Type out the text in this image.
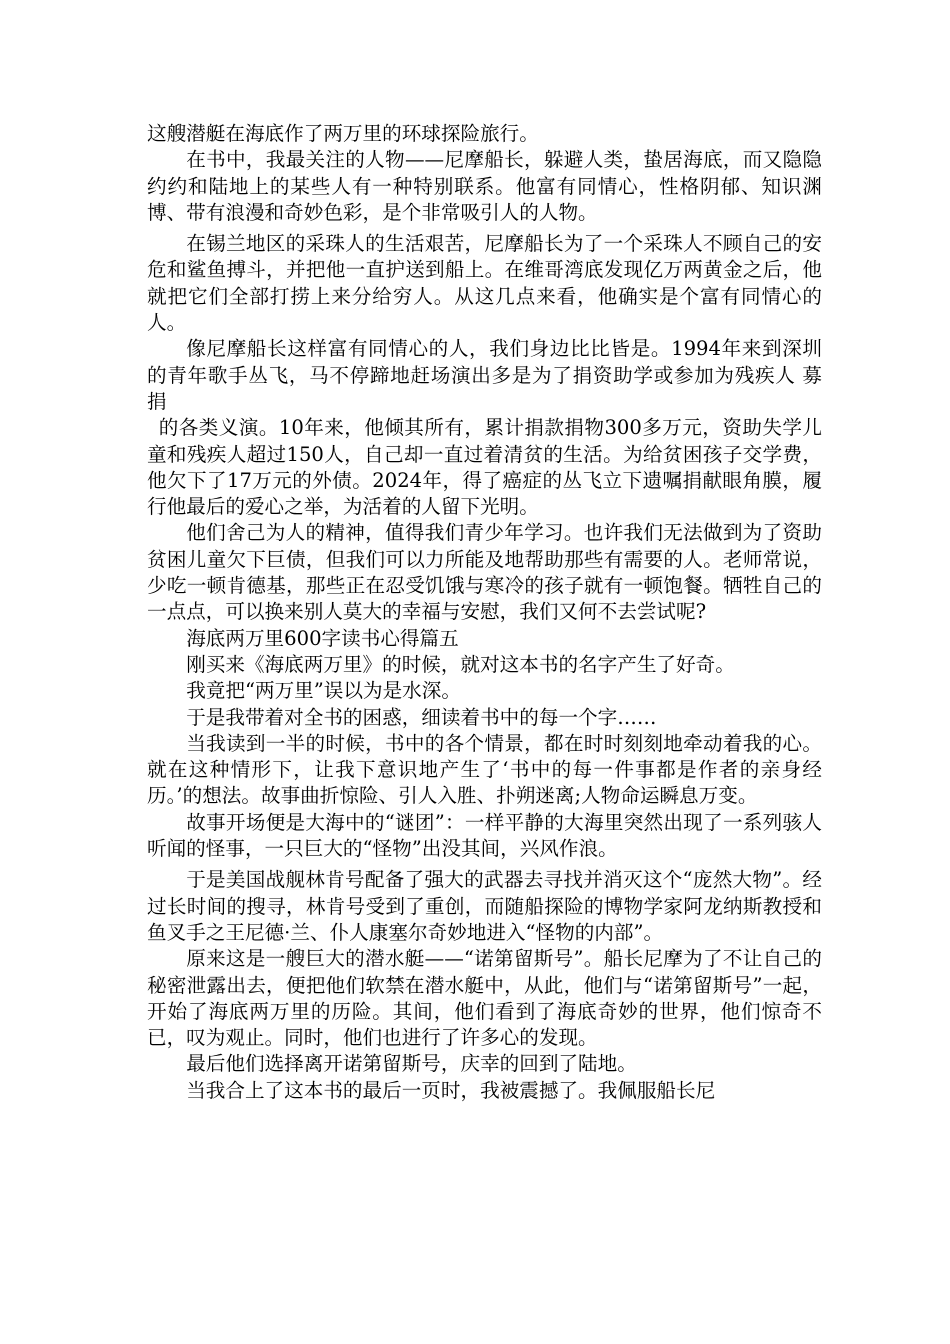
这艘潜艇在海底作了两万里的环球探险旅行。

在书中，我最关注的人物——尼摩船长，躲避人类，蛰居海底，而又隐隐约约和陆地上的某些人有一种特别联系。他富有同情心，性格阴郁、知识渊博、带有浪漫和奇妙色彩，是个非常吸引人的人物。

在锡兰地区的采珠人的生活艰苦，尼摩船长为了一个采珠人不顾自己的安危和鲨鱼搏斗，并把他一直护送到船上。在维哥湾底发现亿万两黄金之后，他就把它们全部打捞上来分给穷人。从这几点来看，他确实是个富有同情心的人。

像尼摩船长这样富有同情心的人，我们身边比比皆是。1994年来到深圳的青年歌手丛飞，马不停蹄地赶场演出多是为了捐资助学或参加为残疾人 募 捐

的各类义演。10年来，他倾其所有，累计捐款捐物300多万元，资助失学儿童和残疾人超过150人，自己却一直过着清贫的生活。为给贫困孩子交学费，他欠下了17万元的外债。2024年，得了癌症的丛飞立下遗嘱捐献眼角膜，履行他最后的爱心之举，为活着的人留下光明。

他们舍己为人的精神，值得我们青少年学习。也许我们无法做到为了资助贫困儿童欠下巨债，但我们可以力所能及地帮助那些有需要的人。老师常说，少吃一顿肯德基，那些正在忍受饥饿与寒冷的孩子就有一顿饱餐。牺牲自己的一点点，可以换来别人莫大的幸福与安慰，我们又何不去尝试呢?

海底两万里600字读书心得篇五

刚买来《海底两万里》的时候，就对这本书的名字产生了好奇。

我竟把“两万里”误以为是水深。

于是我带着对全书的困惑，细读着书中的每一个字……

当我读到一半的时候，书中的各个情景，都在时时刻刻地牵动着我的心。就在这种情形下，让我下意识地产生了‘书中的每一件事都是作者的亲身经历。’的想法。故事曲折惊险、引人入胜、扑朔迷离;人物命运瞬息万变。

故事开场便是大海中的“谜团”：一样平静的大海里突然出现了一系列骇人听闻的怪事，一只巨大的“怪物”出没其间，兴风作浪。

于是美国战舰林肯号配备了强大的武器去寻找并消灭这个“庞然大物”。经过长时间的搜寻，林肯号受到了重创，而随船探险的博物学家阿龙纳斯教授和鱼叉手之王尼德·兰、仆人康塞尔奇妙地进入“怪物的内部”。

原来这是一艘巨大的潜水艇——“诺第留斯号”。船长尼摩为了不让自己的秘密泄露出去，便把他们软禁在潜水艇中，从此，他们与“诺第留斯号”一起，开始了海底两万里的历险。其间，他们看到了海底奇妙的世界，他们惊奇不已，叹为观止。同时，他们也进行了许多心的发现。

最后他们选择离开诺第留斯号，庆幸的回到了陆地。

当我合上了这本书的最后一页时，我被震撼了。我佩服船长尼
